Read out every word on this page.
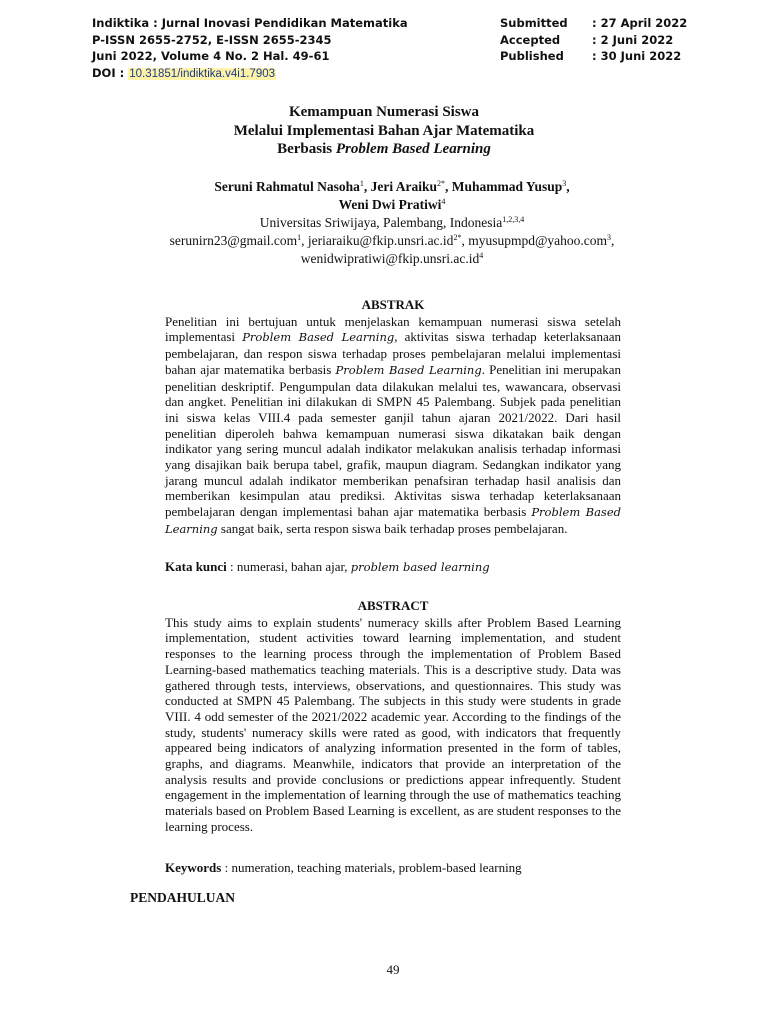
Indiktika : Jurnal Inovasi Pendidikan Matematika
P-ISSN 2655-2752, E-ISSN 2655-2345
Juni 2022, Volume 4 No. 2 Hal. 49-61
DOI : 10.31851/indiktika.v4i1.7903
Submitted	: 27 April 2022
Accepted	: 2 Juni 2022
Published	: 30 Juni 2022
Kemampuan Numerasi Siswa
Melalui Implementasi Bahan Ajar Matematika
Berbasis Problem Based Learning
Seruni Rahmatul Nasoha$^1$, Jeri Araiku$^{2*}$, Muhammad Yusup$^3$,
Weni Dwi Pratiwi$^4$
Universitas Sriwijaya, Palembang, Indonesia$^{1,2,3,4}$
serunirn23@gmail.com$^1$, $jeriaraiku@fkip.unsri.ac.id^{2*}$, myusupmpd@yahoo.com$^3$,
$wenidwipratiwi@fkip.unsri.ac.id^4$
ABSTRAK
Penelitian ini bertujuan untuk menjelaskan kemampuan numerasi siswa setelah implementasi Problem Based Learning, aktivitas siswa terhadap keterlaksanaan pembelajaran, dan respon siswa terhadap proses pembelajaran melalui implementasi bahan ajar matematika berbasis Problem Based Learning. Penelitian ini merupakan penelitian deskriptif. Pengumpulan data dilakukan melalui tes, wawancara, observasi dan angket. Penelitian ini dilakukan di SMPN 45 Palembang. Subjek pada penelitian ini siswa kelas VIII.4 pada semester ganjil tahun ajaran 2021/2022. Dari hasil penelitian diperoleh bahwa kemampuan numerasi siswa dikatakan baik dengan indikator yang sering muncul adalah indikator melakukan analisis terhadap informasi yang disajikan baik berupa tabel, grafik, maupun diagram. Sedangkan indikator yang jarang muncul adalah indikator memberikan penafsiran terhadap hasil analisis dan memberikan kesimpulan atau prediksi. Aktivitas siswa terhadap keterlaksanaan pembelajaran dengan implementasi bahan ajar matematika berbasis Problem Based Learning sangat baik, serta respon siswa baik terhadap proses pembelajaran.
Kata kunci : numerasi, bahan ajar, problem based learning
ABSTRACT
This study aims to explain students' numeracy skills after Problem Based Learning implementation, student activities toward learning implementation, and student responses to the learning process through the implementation of Problem Based Learning-based mathematics teaching materials. This is a descriptive study. Data was gathered through tests, interviews, observations, and questionnaires. This study was conducted at SMPN 45 Palembang. The subjects in this study were students in grade VIII. 4 odd semester of the 2021/2022 academic year. According to the findings of the study, students' numeracy skills were rated as good, with indicators that frequently appeared being indicators of analyzing information presented in the form of tables, graphs, and diagrams. Meanwhile, indicators that provide an interpretation of the analysis results and provide conclusions or predictions appear infrequently. Student engagement in the implementation of learning through the use of mathematics teaching materials based on Problem Based Learning is excellent, as are student responses to the learning process.
Keywords : numeration, teaching materials, problem-based learning
PENDAHULUAN
49
